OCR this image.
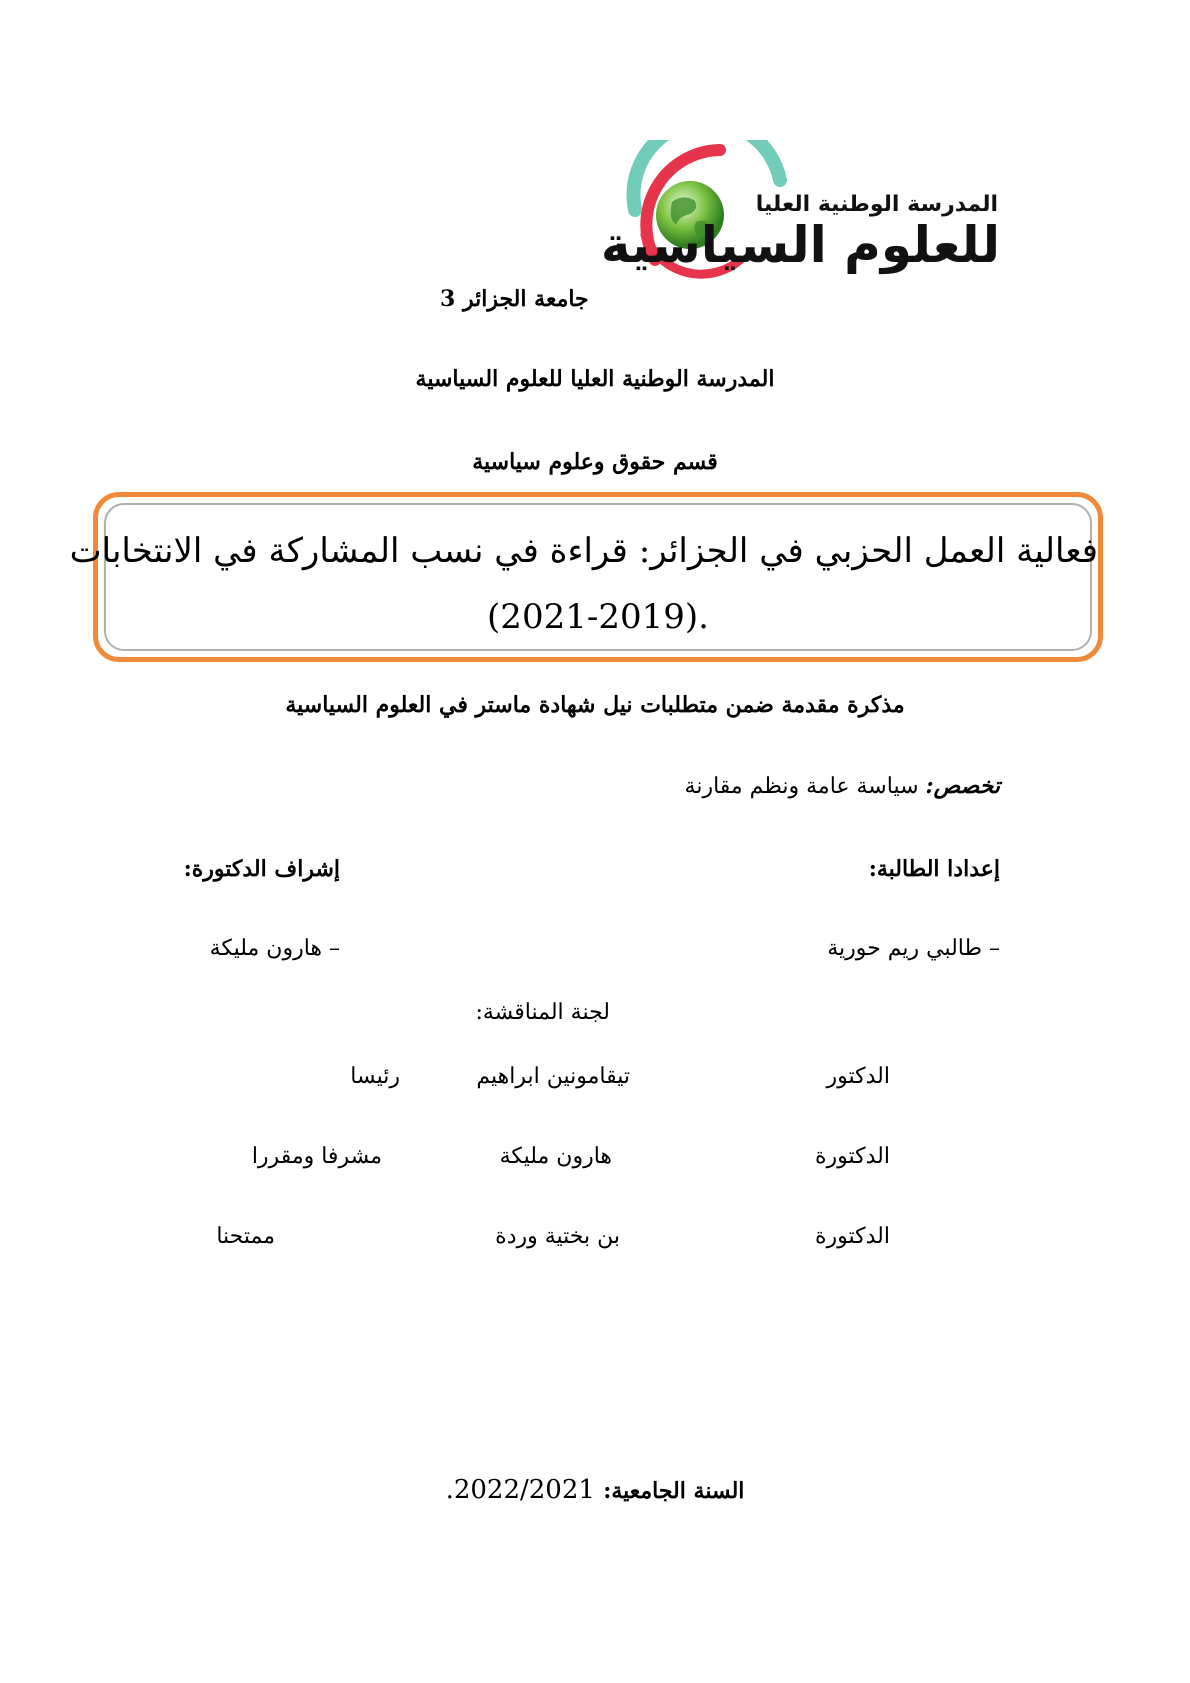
المدرسة الوطنية العليا
للعلوم السياسية
جامعة الجزائر 3
المدرسة الوطنية العليا للعلوم السياسية
قسم حقوق وعلوم سياسية
فعالية العمل الحزبي في الجزائر: قراءة في نسب المشاركة في الانتخابات
(2021-2019).
مذكرة مقدمة ضمن متطلبات نيل شهادة ماستر في العلوم السياسية
تخصص: سياسة عامة ونظم مقارنة
إعدادا الطالبة:
إشراف الدكتورة:
– طالبي ريم حورية
– هارون مليكة
لجنة المناقشة:
الدكتور
تيقامونين ابراهيم
رئيسا
الدكتورة
هارون مليكة
مشرفا ومقررا
الدكتورة
بن بختية وردة
ممتحنا
السنة الجامعية: 2022/2021.
